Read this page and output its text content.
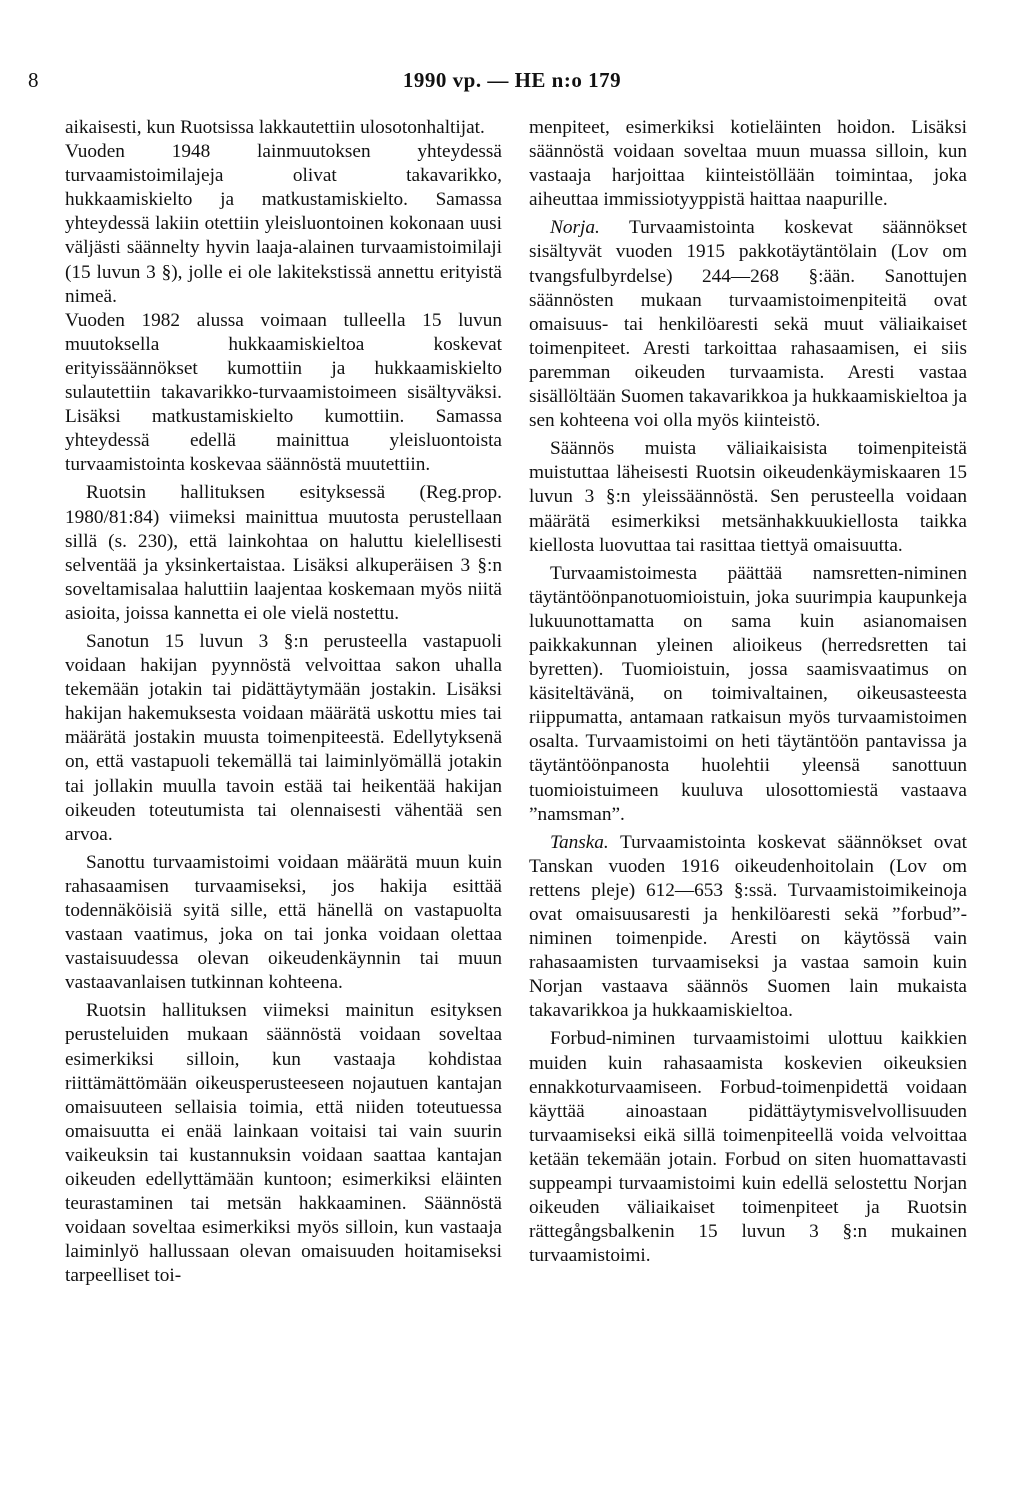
8	1990 vp. — HE n:o 179

aikaisesti, kun Ruotsissa lakkautettiin ulosotonhaltijat.

Vuoden 1948 lainmuutoksen yhteydessä turvaamistoimilajeja olivat takavarikko, hukkaamiskielto ja matkustamiskielto. Samassa yhteydessä lakiin otettiin yleisluontoinen kokonaan uusi väljästi säännelty hyvin laaja-alainen turvaamistoimilaji (15 luvun 3 §), jolle ei ole lakitekstissä annettu erityistä nimeä.

Vuoden 1982 alussa voimaan tulleella 15 luvun muutoksella hukkaamiskieltoa koskevat erityissäännökset kumottiin ja hukkaamiskielto sulautettiin takavarikko-turvaamistoimeen sisältyväksi. Lisäksi matkustamiskielto kumottiin. Samassa yhteydessä edellä mainittua yleisluontoista turvaamistointa koskevaa säännöstä muutettiin.

Ruotsin hallituksen esityksessä (Reg.prop. 1980/81:84) viimeksi mainittua muutosta perustellaan sillä (s. 230), että lainkohtaa on haluttu kielellisesti selventää ja yksinkertaistaa. Lisäksi alkuperäisen 3 §:n soveltamisalaa haluttiin laajentaa koskemaan myös niitä asioita, joissa kannetta ei ole vielä nostettu.

Sanotun 15 luvun 3 §:n perusteella vastapuoli voidaan hakijan pyynnöstä velvoittaa sakon uhalla tekemään jotakin tai pidättäytymään jostakin. Lisäksi hakijan hakemuksesta voidaan määrätä uskottu mies tai määrätä jostakin muusta toimenpiteestä. Edellytyksenä on, että vastapuoli tekemällä tai laiminlyömällä jotakin tai jollakin muulla tavoin estää tai heikentää hakijan oikeuden toteutumista tai olennaisesti vähentää sen arvoa.

Sanottu turvaamistoimi voidaan määrätä muun kuin rahasaamisen turvaamiseksi, jos hakija esittää todennäköisiä syitä sille, että hänellä on vastapuolta vastaan vaatimus, joka on tai jonka voidaan olettaa vastaisuudessa olevan oikeudenkäynnin tai muun vastaavanlaisen tutkinnan kohteena.

Ruotsin hallituksen viimeksi mainitun esityksen perusteluiden mukaan säännöstä voidaan soveltaa esimerkiksi silloin, kun vastaaja kohdistaa riittämättömään oikeusperusteeseen nojautuen kantajan omaisuuteen sellaisia toimia, että niiden toteutuessa omaisuutta ei enää lainkaan voitaisi tai vain suurin vaikeuksin tai kustannuksin voidaan saattaa kantajan oikeuden edellyttämään kuntoon; esimerkiksi eläinten teurastaminen tai metsän hakkaaminen. Säännöstä voidaan soveltaa esimerkiksi myös silloin, kun vastaaja laiminlyö hallussaan olevan omaisuuden hoitamiseksi tarpeelliset toi-

menpiteet, esimerkiksi kotieläinten hoidon. Lisäksi säännöstä voidaan soveltaa muun muassa silloin, kun vastaaja harjoittaa kiinteistöllään toimintaa, joka aiheuttaa immissiotyyppistä haittaa naapurille.

Norja. Turvaamistointa koskevat säännökset sisältyvät vuoden 1915 pakkotäytäntölain (Lov om tvangsfulbyrdelse) 244—268 §:ään. Sanottujen säännösten mukaan turvaamistoimenpiteitä ovat omaisuus- tai henkilöaresti sekä muut väliaikaiset toimenpiteet. Aresti tarkoittaa rahasaamisen, ei siis paremman oikeuden turvaamista. Aresti vastaa sisällöltään Suomen takavarikkoa ja hukkaamiskieltoa ja sen kohteena voi olla myös kiinteistö.

Säännös muista väliaikaisista toimenpiteistä muistuttaa läheisesti Ruotsin oikeudenkäymiskaaren 15 luvun 3 §:n yleissäännöstä. Sen perusteella voidaan määrätä esimerkiksi metsänhakkuukiellosta taikka kiellosta luovuttaa tai rasittaa tiettyä omaisuutta.

Turvaamistoimesta päättää namsretten-niminen täytäntöönpanotuomioistuin, joka suurimpia kaupunkeja lukuunottamatta on sama kuin asianomaisen paikkakunnan yleinen alioikeus (herredsretten tai byretten). Tuomioistuin, jossa saamisvaatimus on käsiteltävänä, on toimivaltainen, oikeusasteesta riippumatta, antamaan ratkaisun myös turvaamistoimen osalta. Turvaamistoimi on heti täytäntöön pantavissa ja täytäntöönpanosta huolehtii yleensä sanottuun tuomioistuimeen kuuluva ulosottomiestä vastaava ”namsman”.

Tanska. Turvaamistointa koskevat säännökset ovat Tanskan vuoden 1916 oikeudenhoitolain (Lov om rettens pleje) 612—653 §:ssä. Turvaamistoimikeinoja ovat omaisuusaresti ja henkilöaresti sekä ”forbud”-niminen toimenpide. Aresti on käytössä vain rahasaamisten turvaamiseksi ja vastaa samoin kuin Norjan vastaava säännös Suomen lain mukaista takavarikkoa ja hukkaamiskieltoa.

Forbud-niminen turvaamistoimi ulottuu kaikkien muiden kuin rahasaamista koskevien oikeuksien ennakkoturvaamiseen. Forbud-toimenpidettä voidaan käyttää ainoastaan pidättäytymisvelvollisuuden turvaamiseksi eikä sillä toimenpiteellä voida velvoittaa ketään tekemään jotain. Forbud on siten huomattavasti suppeampi turvaamistoimi kuin edellä selostettu Norjan oikeuden väliaikaiset toimenpiteet ja Ruotsin rättegångsbalkenin 15 luvun 3 §:n mukainen turvaamistoimi.
